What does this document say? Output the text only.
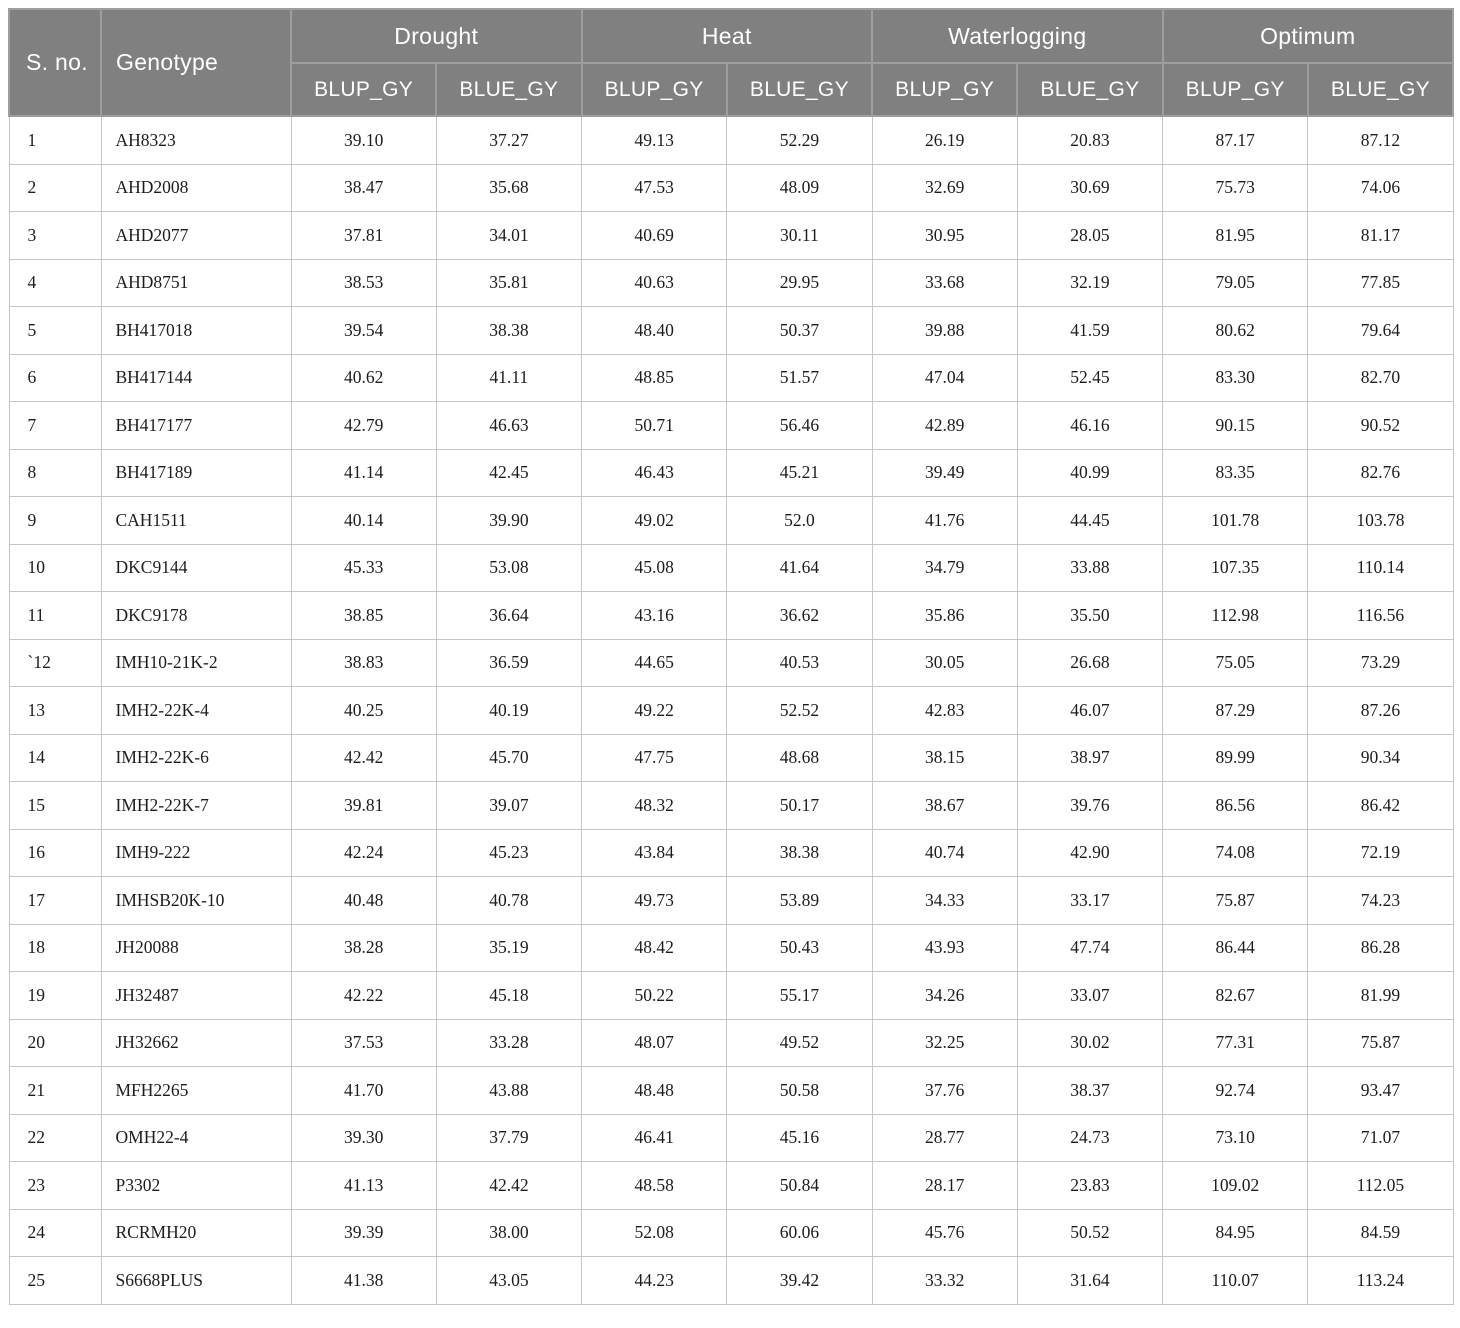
S. no.	Genotype	Drought		Heat		Waterlogging		Optimum	
		BLUP_GY	BLUE_GY	BLUP_GY	BLUE_GY	BLUP_GY	BLUE_GY	BLUP_GY	BLUE_GY
1	AH8323	39.10	37.27	49.13	52.29	26.19	20.83	87.17	87.12
2	AHD2008	38.47	35.68	47.53	48.09	32.69	30.69	75.73	74.06
3	AHD2077	37.81	34.01	40.69	30.11	30.95	28.05	81.95	81.17
4	AHD8751	38.53	35.81	40.63	29.95	33.68	32.19	79.05	77.85
5	BH417018	39.54	38.38	48.40	50.37	39.88	41.59	80.62	79.64
6	BH417144	40.62	41.11	48.85	51.57	47.04	52.45	83.30	82.70
7	BH417177	42.79	46.63	50.71	56.46	42.89	46.16	90.15	90.52
8	BH417189	41.14	42.45	46.43	45.21	39.49	40.99	83.35	82.76
9	CAH1511	40.14	39.90	49.02	52.0	41.76	44.45	101.78	103.78
10	DKC9144	45.33	53.08	45.08	41.64	34.79	33.88	107.35	110.14
11	DKC9178	38.85	36.64	43.16	36.62	35.86	35.50	112.98	116.56
`12	IMH10-21K-2	38.83	36.59	44.65	40.53	30.05	26.68	75.05	73.29
13	IMH2-22K-4	40.25	40.19	49.22	52.52	42.83	46.07	87.29	87.26
14	IMH2-22K-6	42.42	45.70	47.75	48.68	38.15	38.97	89.99	90.34
15	IMH2-22K-7	39.81	39.07	48.32	50.17	38.67	39.76	86.56	86.42
16	IMH9-222	42.24	45.23	43.84	38.38	40.74	42.90	74.08	72.19
17	IMHSB20K-10	40.48	40.78	49.73	53.89	34.33	33.17	75.87	74.23
18	JH20088	38.28	35.19	48.42	50.43	43.93	47.74	86.44	86.28
19	JH32487	42.22	45.18	50.22	55.17	34.26	33.07	82.67	81.99
20	JH32662	37.53	33.28	48.07	49.52	32.25	30.02	77.31	75.87
21	MFH2265	41.70	43.88	48.48	50.58	37.76	38.37	92.74	93.47
22	OMH22-4	39.30	37.79	46.41	45.16	28.77	24.73	73.10	71.07
23	P3302	41.13	42.42	48.58	50.84	28.17	23.83	109.02	112.05
24	RCRMH20	39.39	38.00	52.08	60.06	45.76	50.52	84.95	84.59
25	S6668PLUS	41.38	43.05	44.23	39.42	33.32	31.64	110.07	113.24
